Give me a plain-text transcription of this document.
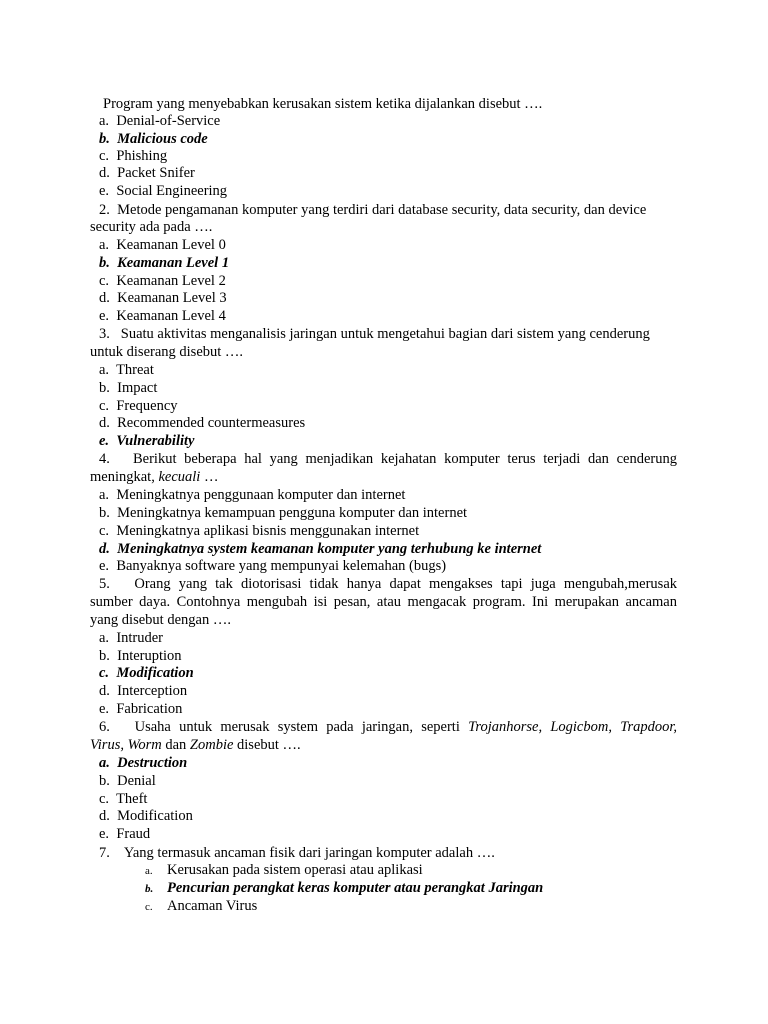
Program yang menyebabkan kerusakan sistem ketika dijalankan disebut ….
a. Denial-of-Service
b. Malicious code
c. Phishing
d. Packet Snifer
e. Social Engineering
2. Metode pengamanan komputer yang terdiri dari database security, data security, dan device
security ada pada ….
a. Keamanan Level 0
b. Keamanan Level 1
c. Keamanan Level 2
d. Keamanan Level 3
e. Keamanan Level 4
3. Suatu aktivitas menganalisis jaringan untuk mengetahui bagian dari sistem yang cenderung
untuk diserang disebut ….
a. Threat
b. Impact
c. Frequency
d. Recommended countermeasures
e. Vulnerability
4. Berikut beberapa hal yang menjadikan kejahatan komputer terus terjadi dan cenderung
meningkat, kecuali …
a. Meningkatnya penggunaan komputer dan internet
b. Meningkatnya kemampuan pengguna komputer dan internet
c. Meningkatnya aplikasi bisnis menggunakan internet
d. Meningkatnya system keamanan komputer yang terhubung ke internet
e. Banyaknya software yang mempunyai kelemahan (bugs)
5. Orang yang tak diotorisasi tidak hanya dapat mengakses tapi juga mengubah,merusak
sumber daya. Contohnya mengubah isi pesan, atau mengacak program. Ini merupakan ancaman
yang disebut dengan ….
a. Intruder
b. Interuption
c. Modification
d. Interception
e. Fabrication
6. Usaha untuk merusak system pada jaringan, seperti Trojanhorse, Logicbom, Trapdoor,
Virus, Worm dan Zombie disebut ….
a. Destruction
b. Denial
c. Theft
d. Modification
e. Fraud
7. Yang termasuk ancaman fisik dari jaringan komputer adalah ….
a. Kerusakan pada sistem operasi atau aplikasi
b. Pencurian perangkat keras komputer atau perangkat Jaringan
c. Ancaman Virus
